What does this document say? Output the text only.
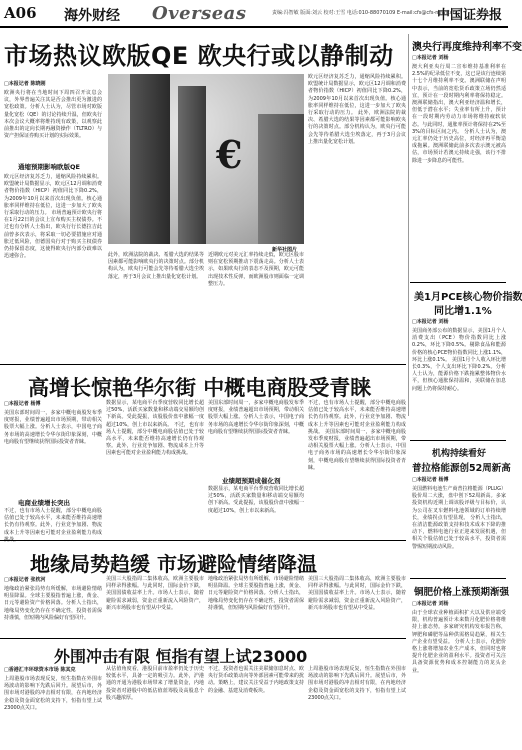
A06 海外财经 Overseas	责编:冯智敏 版面:刘云 校对:王雪 电话:010-88070109 E-mail:cfs@cfs-news.cn
中国证券报
市场热议欧版QE 欧央行或以静制动 澳央行再度维持利率不变
□本报记者 刘杨
澳大利亚央行周二宣布维持基准利率在2.5%的纪录低位不变，这已是该行连续第十七个月维持利率不变。澳洲联储在声明中表示，当前的宽松货币政策立场仍然适宜，预计在一段时期内利率将保持稳定。 澳洲联储指出，澳大利亚经济温和增长，但低于潜在水平；失业率有所上升，预计在一段时期内劳动力市场将维持疲软状态。与此同时，通胀率预计将保持在2%至3%的目标区间之内。 分析人士认为，澳元汇率仍处于历史高位，对经济再平衡造成拖累。澳洲联储此前多次表示澳元被高估，市场预计若澳元持续走强，该行不排除进一步降息的可能性。
□本报记者 陈晓刚
欧洲央行将在当地时间下周四召开议息会议，外界普遍关注其是否会推出更为激进的宽松政策。分析人士认为，尽管市场对欧版量化宽松（QE）的讨论持续升温，但欧央行本次会议大概率将维持现有政策，以观察此前推出的定向长期再融资操作（TLTRO）与资产担保证券购买计划的实际效果。
通缩预期影响欧版QE
欧元区经济复苏乏力，通缩风险持续累积。欧盟统计局数据显示，欧元区12月调和消费者物价指数（HICP）初值同比下降0.2%，为2009年10月以来首次出现负值。核心通胀率同样维持在低位，这进一步加大了欧央行采取行动的压力。 市场普遍预计欧央行将在1月22日的会议上宣布购买主权债券。不过也有分析人士指出，欧央行行长德拉吉此前曾多次表示，将采取一切必要措施应对通胀过低风险，但德国央行对于购买主权债券仍持保留态度，这使得欧央行内部分歧难以迅速弥合。
€
新华社图片
此外，欧洲法院的裁决、希腊大选的结果等因素都可能影响欧央行的决策时点。部分机构认为，欧央行可能会先等待希腊大选尘埃落定，再于3月会议上推出量化宽松计划。
近期欧元对美元汇率持续走低，欧元区股市则在宽松预期推动下震荡走高。分析人士表示，如果欧央行的表态不及预期，欧元可能出现技术性反弹，而欧洲股市则面临一定调整压力。
欧元区经济复苏乏力，通缩风险持续累积。欧盟统计局数据显示，欧元区12月调和消费者物价指数（HICP）初值同比下降0.2%，为2009年10月以来首次出现负值。核心通胀率同样维持在低位，这进一步加大了欧央行采取行动的压力。 此外，欧洲法院的裁决、希腊大选的结果等因素都可能影响欧央行的决策时点。部分机构认为，欧央行可能会先等待希腊大选尘埃落定，再于3月会议上推出量化宽松计划。
美1月PCE核心物价指数
同比增1.1%
□本报记者 刘杨
美国商务部公布的数据显示，美国1月个人消费支出（PCE）物价指数同比上涨0.2%，环比下降0.5%。剔除食品和能源价格的核心PCE物价指数同比上涨1.1%，环比上涨0.1%。 美国1月个人收入环比增长0.3%，个人支出环比下降0.2%。分析人士认为，能源价格下跌拖累整体物价水平，但核心通胀保持温和，美联储在加息问题上仍将保持耐心。
高增长惊艳华尔街 中概电商股受青睐
□本报记者 杨博
美国东部时间周一，多家中概电商股发布季度财报，业绩普遍超出市场预期，带动相关股票大幅上涨。分析人士表示，中国电子商务市场的高速增长令华尔街印象深刻，中概电商股有望继续获得国际投资者青睐。
电商业绩增长突出
不过，也有市场人士提醒，部分中概电商股估值已处于较高水平，未来能否维持高速增长仍有待观察。此外，行业竞争加剧、物流成本上升等因素也可能对企业盈利能力构成挑战。
数据显示，某电商平台季度营收同比增长超过50%，活跃买家数量和移动端交易额均创下新高。受此提振，该股股价盘中涨幅一度超过10%，创上市以来新高。 不过，也有市场人士提醒，部分中概电商股估值已处于较高水平，未来能否维持高速增长仍有待观察。此外，行业竞争加剧、物流成本上升等因素也可能对企业盈利能力构成挑战。
美国东部时间周一，多家中概电商股发布季度财报，业绩普遍超出市场预期，带动相关股票大幅上涨。分析人士表示，中国电子商务市场的高速增长令华尔街印象深刻，中概电商股有望继续获得国际投资者青睐。
业绩超预期成催化剂
数据显示，某电商平台季度营收同比增长超过50%，活跃买家数量和移动端交易额均创下新高。受此提振，该股股价盘中涨幅一度超过10%，创上市以来新高。
不过，也有市场人士提醒，部分中概电商股估值已处于较高水平，未来能否维持高速增长仍有待观察。此外，行业竞争加剧、物流成本上升等因素也可能对企业盈利能力构成挑战。 美国东部时间周一，多家中概电商股发布季度财报，业绩普遍超出市场预期，带动相关股票大幅上涨。分析人士表示，中国电子商务市场的高速增长令华尔街印象深刻，中概电商股有望继续获得国际投资者青睐。
机构持续看好
普拉格能源创52周新高
□本报记者 杨博
美国燃料电池生产商普拉格能源（PLUG）股价周二大涨，盘中创下52周新高。多家投资机构近期上调该股评级与目标价，认为公司在叉车燃料电池领域的订单持续增长，业绩拐点有望显现。 分析人士指出，在清洁能源政策支持和技术成本下降的推动下，燃料电池行业正迎来发展机遇，但相关个股估值已处于较高水平，投资者需警惕短期波动风险。
地缘局势趋缓 市场避险情绪降温
□本报记者 张枕河
地缘政治紧张局势有所缓解，市场避险情绪明显降温。全球主要股指普遍上涨，黄金、日元等避险资产价格回落。分析人士指出，地缘局势变化仍存在不确定性，投资者需保持谨慎，但短期内风险偏好有望回升。
美国三大股指周二集体收高，欧洲主要股市同样录得涨幅。与此同时，国际金价下跌，美国国债收益率上升。市场人士表示，随着避险需求减弱，资金正重新流入风险资产，新兴市场股市也有望从中受益。
地缘政治紧张局势有所缓解，市场避险情绪明显降温。全球主要股指普遍上涨，黄金、日元等避险资产价格回落。分析人士指出，地缘局势变化仍存在不确定性，投资者需保持谨慎，但短期内风险偏好有望回升。
美国三大股指周二集体收高，欧洲主要股市同样录得涨幅。与此同时，国际金价下跌，美国国债收益率上升。市场人士表示，随着避险需求减弱，资金正重新流入风险资产，新兴市场股市也有望从中受益。
铜肥价格上涨预期渐强
□本报记者 刘杨
由于全球农业种植面积扩大以及供应端受限，机构普遍预计未来数月化肥价格将维持上涨态势。多家研究机构发布报告称，钾肥和磷肥等品种供需格局趋紧，相关生产企业有望受益。 分析人士表示，化肥价格上涨将增加农业生产成本，但同时也将提升化肥企业的盈利水平。投资者可关注具备资源优势和成本控制能力的龙头企业。
外围冲击有限 恒指有望上试23000
□香港汇丰环球资本市场 陈其克
上周港股市场表现反复，恒生指数在外围市场波动的影响下先跌后回升。展望后市，外围市场对港股的冲击相对有限，在内地经济企稳及资金面宽松的支持下，恒指有望上试23000点关口。
从估值角度看，港股目前市盈率仍处于历史较低水平，具备一定的吸引力。此外，沪港通的开通为港股市场带来了增量资金，内地投资者对港股中的低估值蓝筹股及高股息个股兴趣浓厚。
不过，投资者也需关注美联储加息时点、欧央行货币政策动向等外部因素可能带来的扰动。策略上，建议关注受益于内地政策支持的金融、基建及消费板块。
上周港股市场表现反复，恒生指数在外围市场波动的影响下先跌后回升。展望后市，外围市场对港股的冲击相对有限，在内地经济企稳及资金面宽松的支持下，恒指有望上试23000点关口。
